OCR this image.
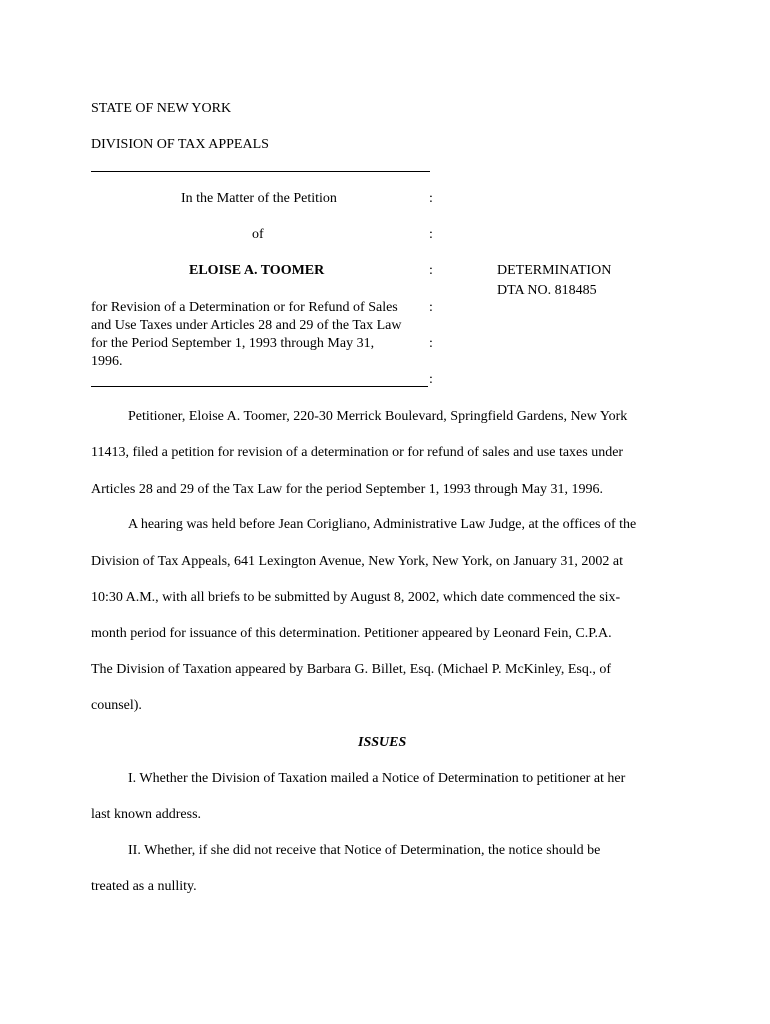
STATE OF NEW YORK
DIVISION OF TAX APPEALS
In the Matter of the Petition	:
of	:
ELOISE A. TOOMER	:	DETERMINATION
DTA NO. 818485
for Revision of a Determination or for Refund of Sales :
and Use Taxes under Articles 28 and 29 of the Tax Law
for the Period September 1, 1993 through May 31,	:
1996.
:
Petitioner, Eloise A. Toomer, 220-30 Merrick Boulevard, Springfield Gardens, New York
11413, filed a petition for revision of a determination or for refund of sales and use taxes under
Articles 28 and 29 of the Tax Law for the period September 1, 1993 through May 31, 1996.
A hearing was held before Jean Corigliano, Administrative Law Judge, at the offices of the
Division of Tax Appeals, 641 Lexington Avenue, New York, New York, on January 31, 2002 at
10:30 A.M., with all briefs to be submitted by August 8, 2002, which date commenced the six-
month period for issuance of this determination. Petitioner appeared by Leonard Fein, C.P.A.
The Division of Taxation appeared by Barbara G. Billet, Esq. (Michael P. McKinley, Esq., of
counsel).
ISSUES
I. Whether the Division of Taxation mailed a Notice of Determination to petitioner at her
last known address.
II. Whether, if she did not receive that Notice of Determination, the notice should be
treated as a nullity.
